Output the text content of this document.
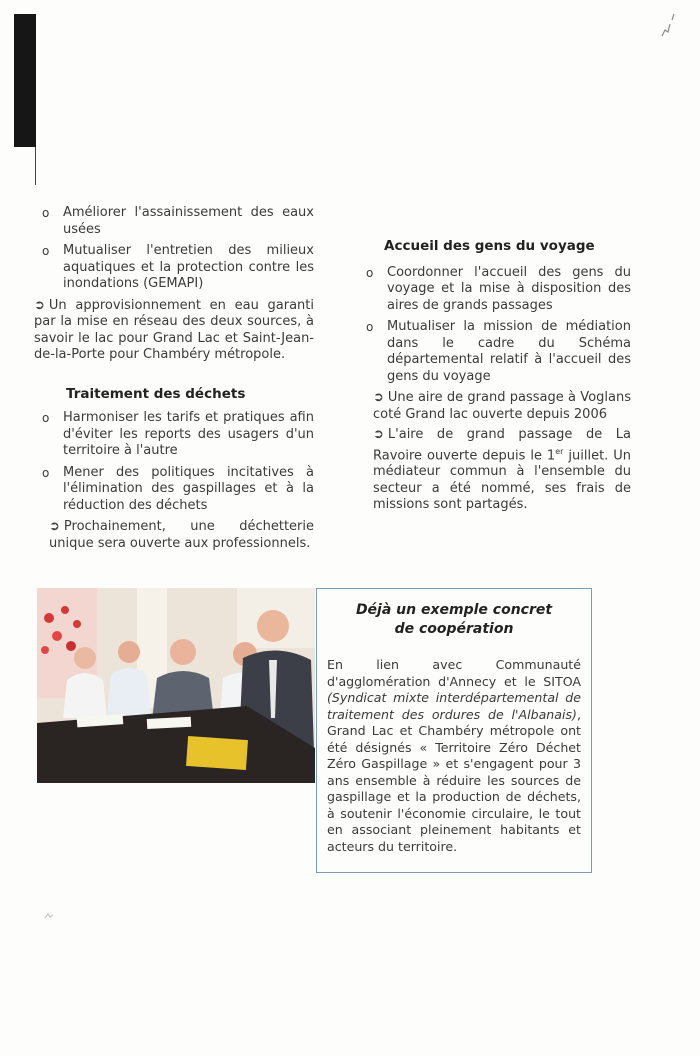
o Améliorer l'assainissement des eaux usées
o Mutualiser l'entretien des milieux aquatiques et la protection contre les inondations (GEMAPI)
➲ Un approvisionnement en eau garanti par la mise en réseau des deux sources, à savoir le lac pour Grand Lac et Saint-Jean-de-la-Porte pour Chambéry métropole.
Traitement des déchets
o Harmoniser les tarifs et pratiques afin d'éviter les reports des usagers d'un territoire à l'autre
o Mener des politiques incitatives à l'élimination des gaspillages et à la réduction des déchets
➲ Prochainement, une déchetterie unique sera ouverte aux professionnels.
Accueil des gens du voyage
o Coordonner l'accueil des gens du voyage et la mise à disposition des aires de grands passages
o Mutualiser la mission de médiation dans le cadre du Schéma départemental relatif à l'accueil des gens du voyage
➲ Une aire de grand passage à Voglans coté Grand lac ouverte depuis 2006
➲ L'aire de grand passage de La Ravoire ouverte depuis le 1er juillet. Un médiateur commun à l'ensemble du secteur a été nommé, ses frais de missions sont partagés.
Déjà un exemple concret
de coopération
En lien avec Communauté d'agglomération d'Annecy et le SITOA (Syndicat mixte interdépartemental de traitement des ordures de l'Albanais), Grand Lac et Chambéry métropole ont été désignés « Territoire Zéro Déchet Zéro Gaspillage » et s'engagent pour 3 ans ensemble à réduire les sources de gaspillage et la production de déchets, à soutenir l'économie circulaire, le tout en associant pleinement habitants et acteurs du territoire.
